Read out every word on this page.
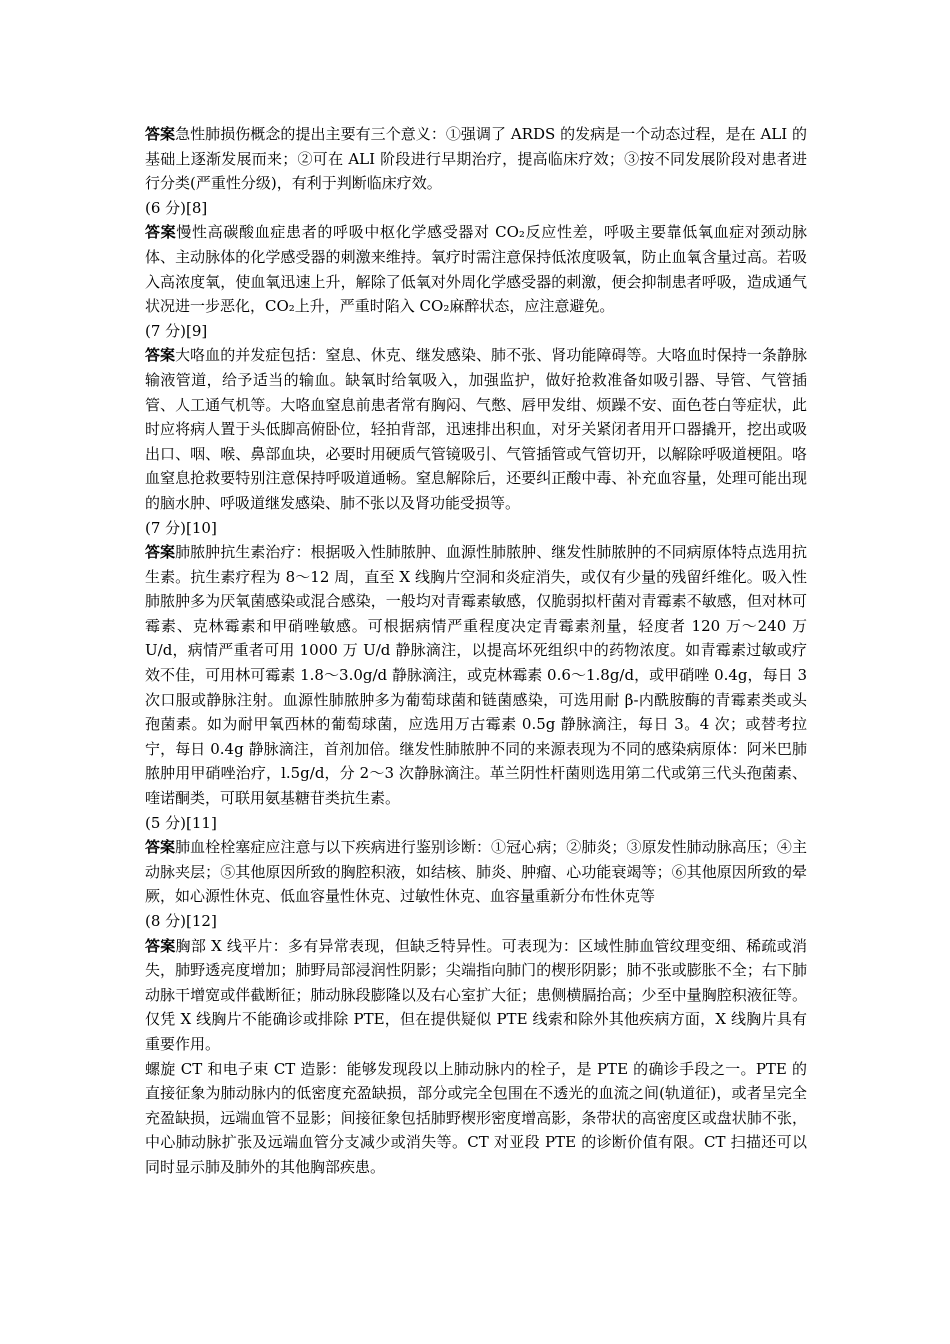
答案急性肺损伤概念的提出主要有三个意义：①强调了 ARDS 的发病是一个动态过程，是在 ALI 的基础上逐渐发展而来；②可在 ALI 阶段进行早期治疗，提高临床疗效；③按不同发展阶段对患者进行分类(严重性分级)，有利于判断临床疗效。

(6 分)[8]

答案慢性高碳酸血症患者的呼吸中枢化学感受器对 CO₂反应性差，呼吸主要靠低氧血症对颈动脉体、主动脉体的化学感受器的刺激来维持。氧疗时需注意保持低浓度吸氧，防止血氧含量过高。若吸入高浓度氧，使血氧迅速上升，解除了低氧对外周化学感受器的刺激，便会抑制患者呼吸，造成通气状况进一步恶化，CO₂上升，严重时陷入 CO₂麻醉状态，应注意避免。

(7 分)[9]

答案大咯血的并发症包括：窒息、休克、继发感染、肺不张、肾功能障碍等。大咯血时保持一条静脉输液管道，给予适当的输血。缺氧时给氧吸入，加强监护，做好抢救准备如吸引器、导管、气管插管、人工通气机等。大咯血窒息前患者常有胸闷、气憋、唇甲发绀、烦躁不安、面色苍白等症状，此时应将病人置于头低脚高俯卧位，轻拍背部，迅速排出积血，对牙关紧闭者用开口器撬开，挖出或吸出口、咽、喉、鼻部血块，必要时用硬质气管镜吸引、气管插管或气管切开，以解除呼吸道梗阻。咯血窒息抢救要特别注意保持呼吸道通畅。窒息解除后，还要纠正酸中毒、补充血容量，处理可能出现的脑水肿、呼吸道继发感染、肺不张以及肾功能受损等。

(7 分)[10]

答案肺脓肿抗生素治疗：根据吸入性肺脓肿、血源性肺脓肿、继发性肺脓肿的不同病原体特点选用抗生素。抗生素疗程为 8～12 周，直至 X 线胸片空洞和炎症消失，或仅有少量的残留纤维化。吸入性肺脓肿多为厌氧菌感染或混合感染，一般均对青霉素敏感，仅脆弱拟杆菌对青霉素不敏感，但对林可霉素、克林霉素和甲硝唑敏感。可根据病情严重程度决定青霉素剂量，轻度者 120 万～240 万 U/d，病情严重者可用 1000 万 U/d 静脉滴注，以提高坏死组织中的药物浓度。如青霉素过敏或疗效不佳，可用林可霉素 1.8～3.0g/d 静脉滴注，或克林霉素 0.6～1.8g/d，或甲硝唑 0.4g，每日 3 次口服或静脉注射。血源性肺脓肿多为葡萄球菌和链菌感染，可选用耐 β-内酰胺酶的青霉素类或头孢菌素。如为耐甲氧西林的葡萄球菌，应选用万古霉素 0.5g 静脉滴注，每日 3。4 次；或替考拉宁，每日 0.4g 静脉滴注，首剂加倍。继发性肺脓肿不同的来源表现为不同的感染病原体：阿米巴肺脓肿用甲硝唑治疗，l.5g/d，分 2～3 次静脉滴注。革兰阴性杆菌则选用第二代或第三代头孢菌素、喹诺酮类，可联用氨基糖苷类抗生素。

(5 分)[11]

答案肺血栓栓塞症应注意与以下疾病进行鉴别诊断：①冠心病；②肺炎；③原发性肺动脉高压；④主动脉夹层；⑤其他原因所致的胸腔积液，如结核、肺炎、肿瘤、心功能衰竭等；⑥其他原因所致的晕厥，如心源性休克、低血容量性休克、过敏性休克、血容量重新分布性休克等

(8 分)[12]

答案胸部 X 线平片：多有异常表现，但缺乏特异性。可表现为：区域性肺血管纹理变细、稀疏或消失，肺野透亮度增加；肺野局部浸润性阴影；尖端指向肺门的楔形阴影；肺不张或膨胀不全；右下肺动脉干增宽或伴截断征；肺动脉段膨隆以及右心室扩大征；患侧横膈抬高；少至中量胸腔积液征等。仅凭 X 线胸片不能确诊或排除 PTE，但在提供疑似 PTE 线索和除外其他疾病方面，X 线胸片具有重要作用。

螺旋 CT 和电子束 CT 造影：能够发现段以上肺动脉内的栓子，是 PTE 的确诊手段之一。PTE 的直接征象为肺动脉内的低密度充盈缺损，部分或完全包围在不透光的血流之间(轨道征)，或者呈完全充盈缺损，远端血管不显影；间接征象包括肺野楔形密度增高影，条带状的高密度区或盘状肺不张，中心肺动脉扩张及远端血管分支减少或消失等。CT 对亚段 PTE 的诊断价值有限。CT 扫描还可以同时显示肺及肺外的其他胸部疾患。
